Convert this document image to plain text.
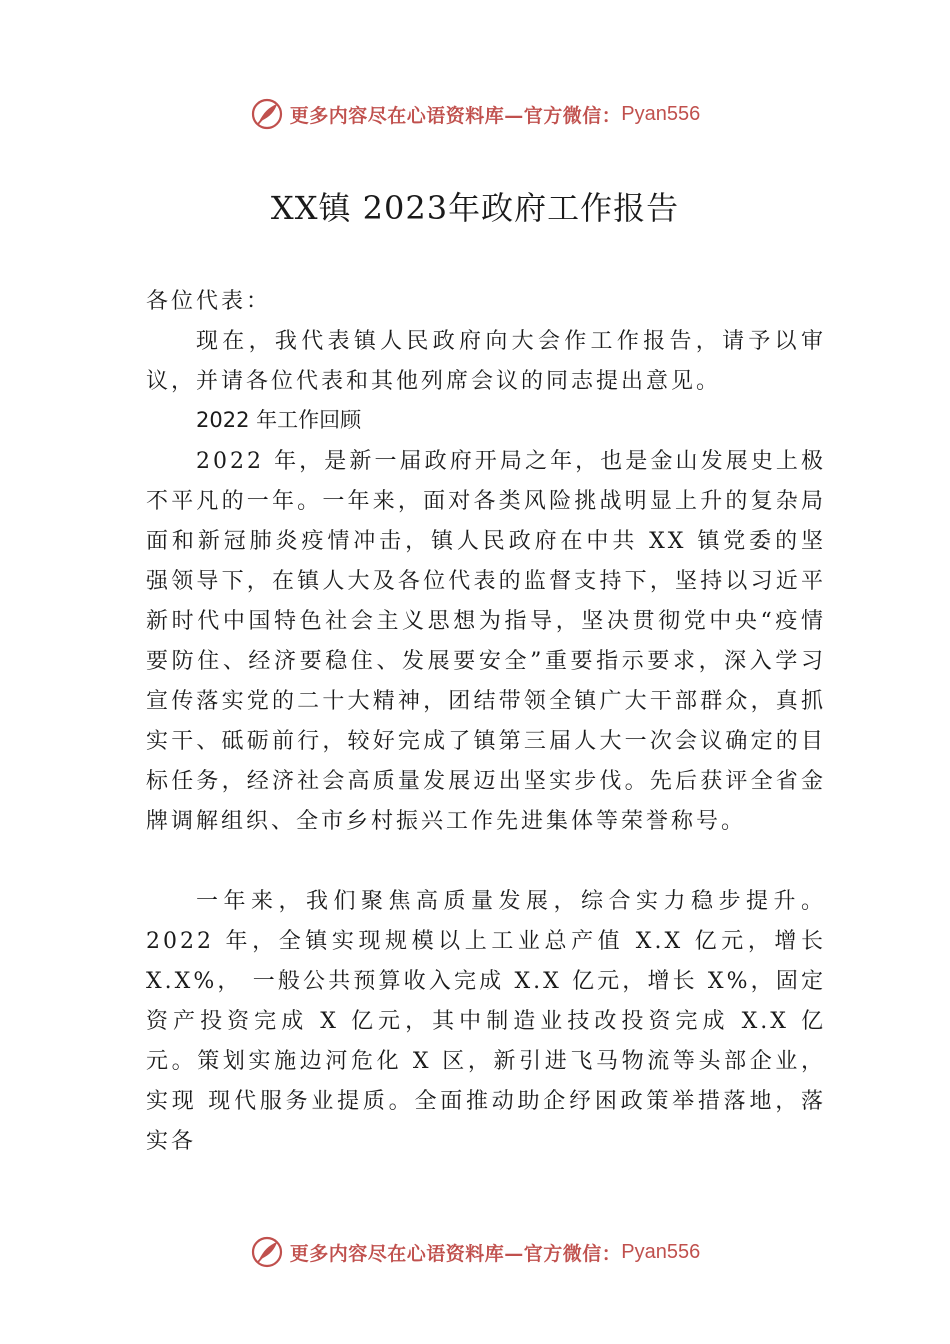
更多内容尽在心语资料库—官方微信： Pyan556
XX镇 2023年政府工作报告
各位代表：
现在，我代表镇人民政府向大会作工作报告，请予以审议，并请各位代表和其他列席会议的同志提出意见。
2022 年工作回顾
2022 年，是新一届政府开局之年，也是金山发展史上极不平凡的一年。一年来，面对各类风险挑战明显上升的复杂局面和新冠肺炎疫情冲击，镇人民政府在中共 XX 镇党委的坚强领导下，在镇人大及各位代表的监督支持下，坚持以习近平新时代中国特色社会主义思想为指导，坚决贯彻党中央“疫情要防住、经济要稳住、发展要安全”重要指示要求，深入学习宣传落实党的二十大精神，团结带领全镇广大干部群众，真抓实干、砥砺前行，较好完成了镇第三届人大一次会议确定的目标任务，经济社会高质量发展迈出坚实步伐。先后获评全省金牌调解组织、全市乡村振兴工作先进集体等荣誉称号。
一年来，我们聚焦高质量发展，综合实力稳步提升。2022 年，全镇实现规模以上工业总产值 X.X 亿元，增长 X.X%， 一般公共预算收入完成 X.X 亿元，增长 X%，固定资产投资完成 X 亿元，其中制造业技改投资完成 X.X 亿元。策划实施边河危化 X 区，新引进飞马物流等头部企业，实现 现代服务业提质。全面推动助企纾困政策举措落地，落实各
更多内容尽在心语资料库—官方微信： Pyan556
